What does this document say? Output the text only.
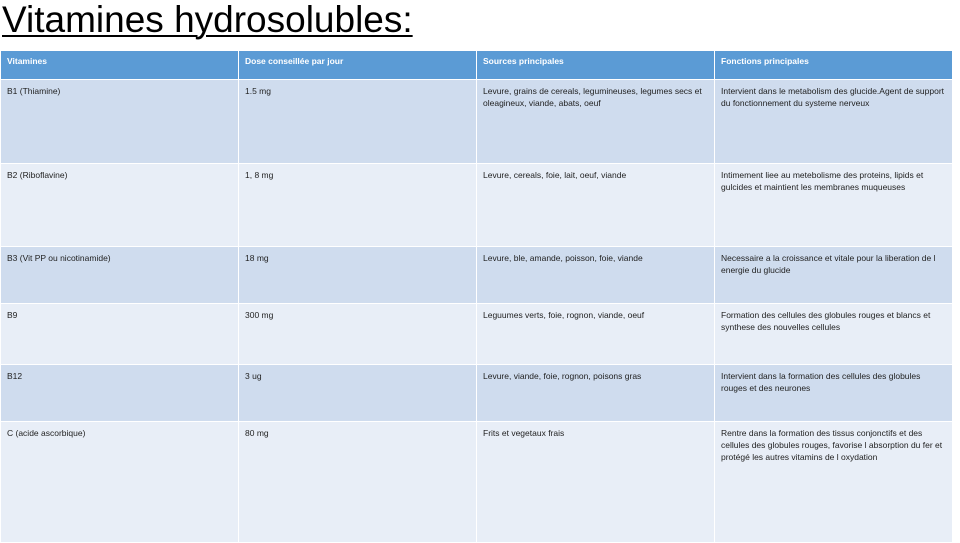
Vitamines hydrosolubles:
Vitamines	Dose conseillée par jour	Sources principales	Fonctions principales
B1 (Thiamine)	1.5 mg	Levure, grains de cereals, legumineuses, legumes secs et oleagineux, viande, abats, oeuf	Intervient dans le metabolism des glucide.Agent de support du fonctionnement du systeme nerveux
B2 (Riboflavine)	1, 8 mg	Levure, cereals, foie, lait, oeuf, viande	Intimement liee au metebolisme des proteins, lipids et gulcides et maintient les membranes muqueuses
B3 (Vit PP ou nicotinamide)	18 mg	Levure, ble, amande, poisson, foie, viande	Necessaire a la croissance et vitale pour la liberation de l energie du glucide
B9	300 mg	Leguumes verts, foie, rognon, viande, oeuf	Formation des cellules des globules rouges et blancs et synthese des nouvelles cellules
B12	3 ug	Levure, viande, foie, rognon, poisons gras	Intervient dans la formation des cellules des globules rouges et des neurones
C (acide ascorbique)	80 mg	Frits et vegetaux frais	Rentre dans la formation des tissus conjonctifs et des cellules des globules rouges, favorise l absorption du fer et protégé les autres vitamins de l oxydation
